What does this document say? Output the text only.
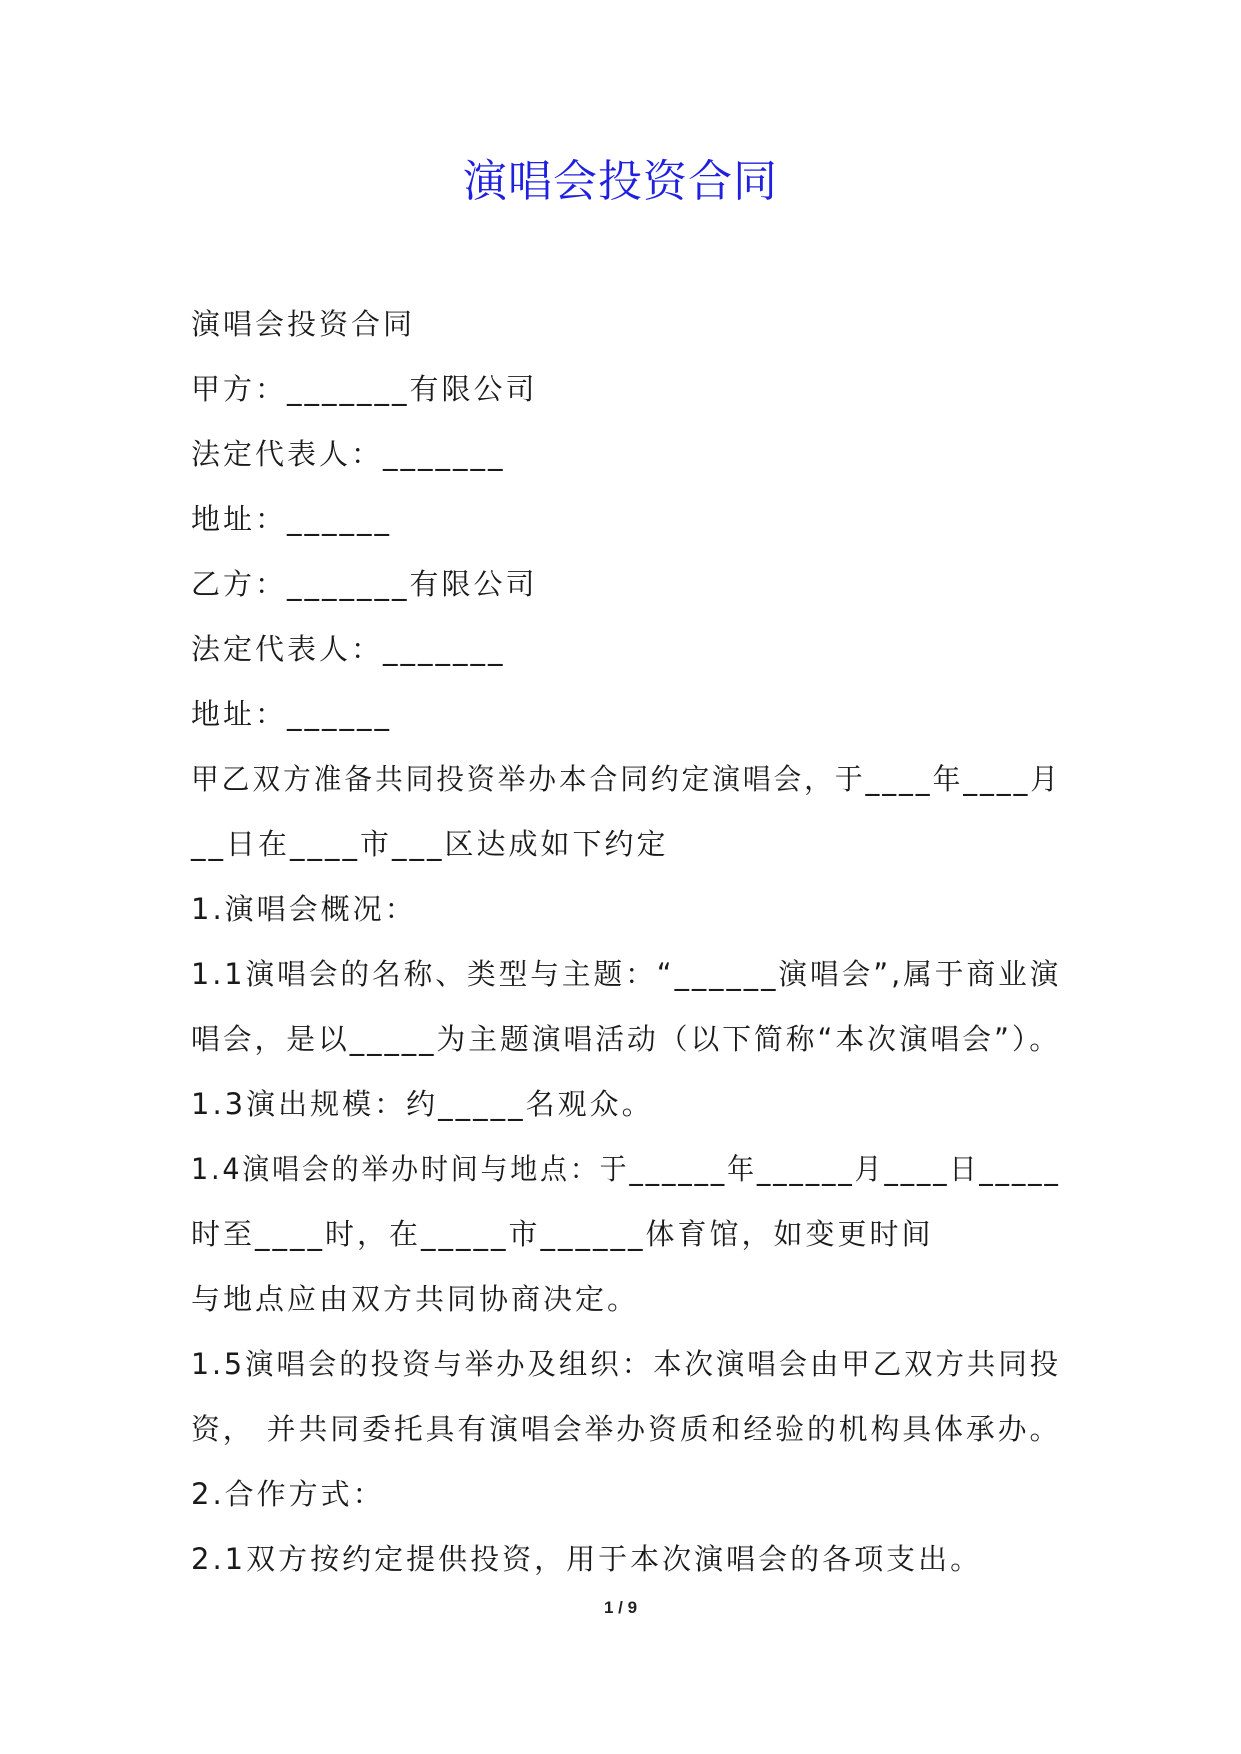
演唱会投资合同
演唱会投资合同
甲方：_______有限公司
法定代表人：_______
地址：______
乙方：_______有限公司
法定代表人：_______
地址：______
甲乙双方准备共同投资举办本合同约定演唱会，于____年____月
__日在____市___区达成如下约定
1.演唱会概况：
1.1演唱会的名称、类型与主题：“______演唱会”,属于商业演
唱会，是以_____为主题演唱活动（以下简称“本次演唱会”）。
1.3演出规模：约_____名观众。
1.4演唱会的举办时间与地点：于______年______月____日_____
时至____时，在_____市______体育馆，如变更时间
与地点应由双方共同协商决定。
1.5演唱会的投资与举办及组织：本次演唱会由甲乙双方共同投
资， 并共同委托具有演唱会举办资质和经验的机构具体承办。
2.合作方式：
2.1双方按约定提供投资，用于本次演唱会的各项支出。
1 / 9
